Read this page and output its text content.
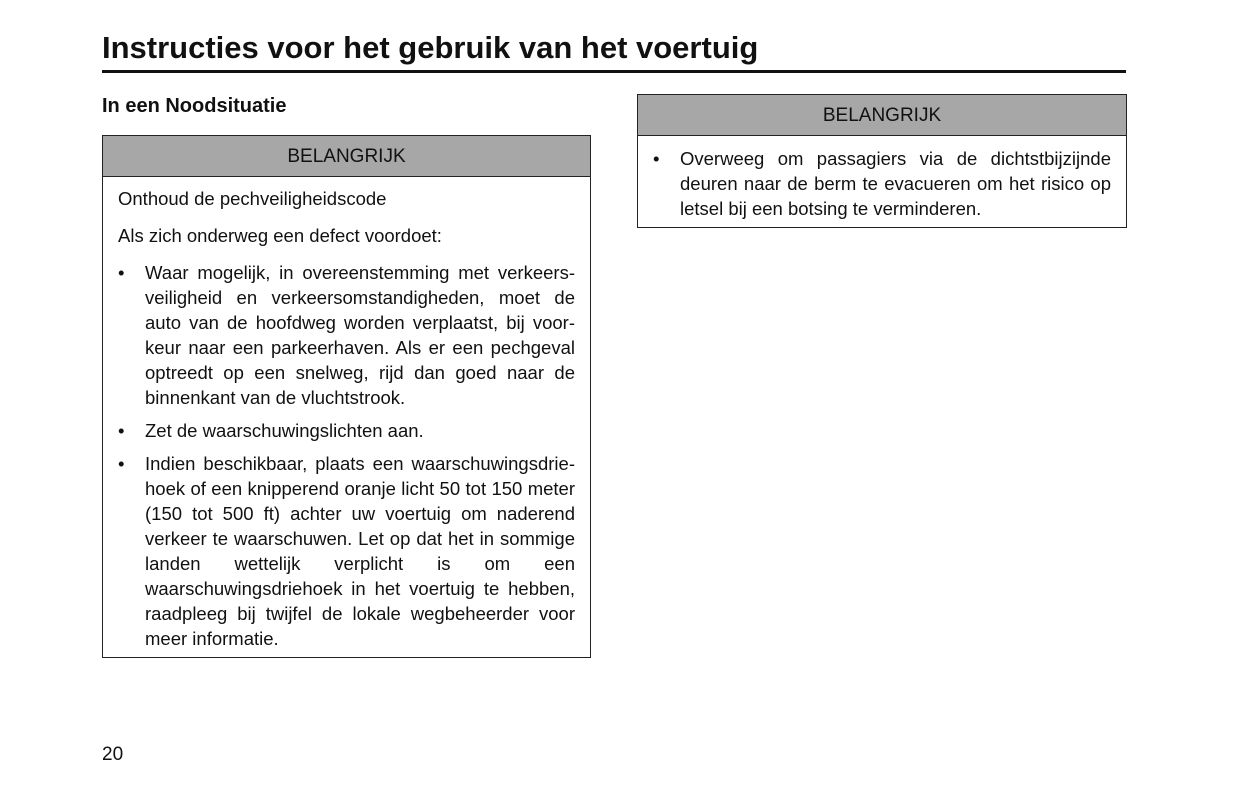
Instructies voor het gebruik van het voertuig
In een Noodsituatie
BELANGRIJK

Onthoud de pechveiligheidscode

Als zich onderweg een defect voordoet:

• Waar mogelijk, in overeenstemming met verkeersveiligheid en verkeersomstandigheden, moet de auto van de hoofdweg worden verplaatst, bij voorkeur naar een parkeerhaven. Als er een pechgeval optreedt op een snelweg, rijd dan goed naar de binnenkant van de vluchtstrook.
• Zet de waarschuwingslichten aan.
• Indien beschikbaar, plaats een waarschuwingsdriehoek of een knipperend oranje licht 50 tot 150 meter (150 tot 500 ft) achter uw voertuig om naderend verkeer te waarschuwen. Let op dat het in sommige landen wettelijk verplicht is om een waarschuwingsdriehoek in het voertuig te hebben, raadpleeg bij twijfel de lokale wegbeheerder voor meer informatie.
BELANGRIJK
• Overweeg om passagiers via de dichtstbijzijnde deuren naar de berm te evacueren om het risico op letsel bij een botsing te verminderen.
20
